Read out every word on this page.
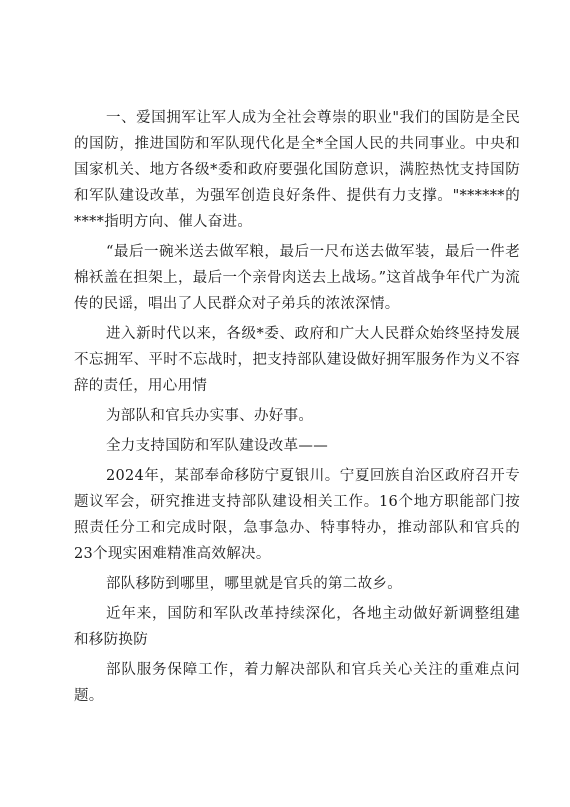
一、爱国拥军让军人成为全社会尊崇的职业"我们的国防是全民的国防，推进国防和军队现代化是全*全国人民的共同事业。中央和国家机关、地方各级*委和政府要强化国防意识，满腔热忱支持国防和军队建设改革，为强军创造良好条件、提供有力支撑。"******的****指明方向、催人奋进。

“最后一碗米送去做军粮，最后一尺布送去做军装，最后一件老棉袄盖在担架上，最后一个亲骨肉送去上战场。”这首战争年代广为流传的民谣，唱出了人民群众对子弟兵的浓浓深情。

进入新时代以来，各级*委、政府和广大人民群众始终坚持发展不忘拥军、平时不忘战时，把支持部队建设做好拥军服务作为义不容辞的责任，用心用情

为部队和官兵办实事、办好事。

全力支持国防和军队建设改革——

2024年，某部奉命移防宁夏银川。宁夏回族自治区政府召开专题议军会，研究推进支持部队建设相关工作。16个地方职能部门按照责任分工和完成时限，急事急办、特事特办，推动部队和官兵的23个现实困难精准高效解决。

部队移防到哪里，哪里就是官兵的第二故乡。

近年来，国防和军队改革持续深化，各地主动做好新调整组建和移防换防

部队服务保障工作，着力解决部队和官兵关心关注的重难点问题。
